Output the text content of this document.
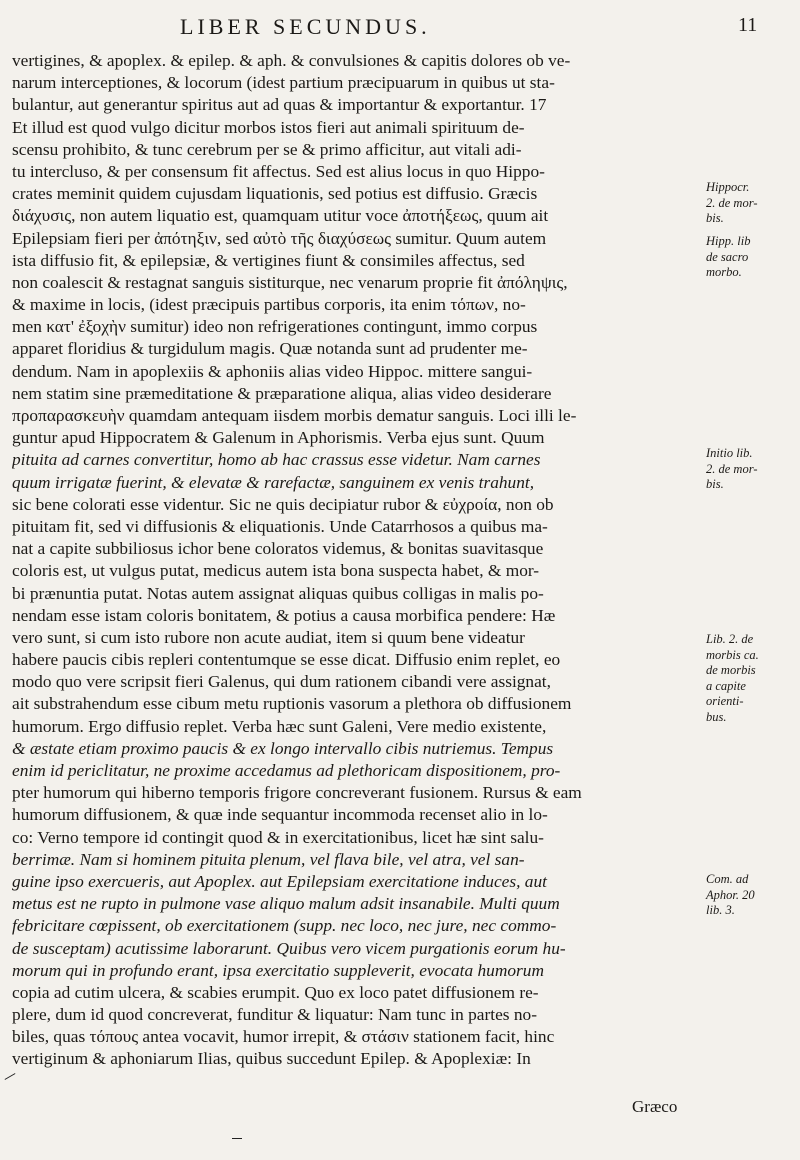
LIBER SECUNDUS.	11
vertigines, & apoplex. & epilep. & aph. & convulsiones & capitis dolores ob ve-
narum interceptiones, & locorum (idest partium præcipuarum in quibus ut sta-
bulantur, aut generantur spiritus aut ad quas & importantur & exportantur. 17
Et illud est quod vulgo dicitur morbos istos fieri aut animali spirituum de-
scensu prohibito, & tunc cerebrum per se & primo afficitur, aut vitali adi-
tu intercluso, & per consensum fit affectus. Sed est alius locus in quo Hippo-
crates meminit quidem cujusdam liquationis, sed potius est diffusio. Græcis
διάχυσις, non autem liquatio est, quamquam utitur voce ἀποτήξεως, quum ait
Epilepsiam fieri per ἀπότηξιν, sed αὐτὸ τῆς διαχύσεως sumitur. Quum autem
ista diffusio fit, & epilepsiæ, & vertigines fiunt & consimiles affectus, sed
non coalescit & restagnat sanguis sistiturque, nec venarum proprie fit ἀπόληψις,
& maxime in locis, (idest præcipuis partibus corporis, ita enim τόπων, no-
men κατ' ἐξοχὴν sumitur) ideo non refrigerationes contingunt, immo corpus
apparet floridius & turgidulum magis. Quæ notanda sunt ad prudenter me-
dendum. Nam in apoplexiis & aphoniis alias video Hippoc. mittere sangui-
nem statim sine præmeditatione & præparatione aliqua, alias video desiderare
προπαρασκευὴν quamdam antequam iisdem morbis dematur sanguis. Loci illi le-
guntur apud Hippocratem & Galenum in Aphorismis. Verba ejus sunt. Quum
pituita ad carnes convertitur, homo ab hac crassus esse videtur. Nam carnes
quum irrigatæ fuerint, & elevatæ & rarefactæ, sanguinem ex venis trahunt,
sic bene colorati esse videntur. Sic ne quis decipiatur rubor & εὐχροία, non ob
pituitam fit, sed vi diffusionis & eliquationis. Unde Catarrhosos a quibus ma-
nat a capite subbiliosus ichor bene coloratos videmus, & bonitas suavitasque
coloris est, ut vulgus putat, medicus autem ista bona suspecta habet, & mor-
bi prænuntia putat. Notas autem assignat aliquas quibus colligas in malis po-
nendam esse istam coloris bonitatem, & potius a causa morbifica pendere: Hæ
vero sunt, si cum isto rubore non acute audiat, item si quum bene videatur
habere paucis cibis repleri contentumque se esse dicat. Diffusio enim replet, eo
modo quo vere scripsit fieri Galenus, qui dum rationem cibandi vere assignat,
ait substrahendum esse cibum metu ruptionis vasorum a plethora ob diffusionem
humorum. Ergo diffusio replet. Verba hæc sunt Galeni, Vere medio existente,
& æstate etiam proximo paucis & ex longo intervallo cibis nutriemus. Tempus
enim id periclitatur, ne proxime accedamus ad plethoricam dispositionem, pro-
pter humorum qui hiberno temporis frigore concreverant fusionem. Rursus & eam
humorum diffusionem, & quæ inde sequantur incommoda recenset alio in lo-
co: Verno tempore id contingit quod & in exercitationibus, licet hæ sint salu-
berrimæ. Nam si hominem pituita plenum, vel flava bile, vel atra, vel san-
guine ipso exercueris, aut Apoplex. aut Epilepsiam exercitatione induces, aut
metus est ne rupto in pulmone vase aliquo malum adsit insanabile. Multi quum
febricitare cœpissent, ob exercitationem (supp. nec loco, nec jure, nec commo-
de susceptam) acutissime laborarunt. Quibus vero vicem purgationis eorum hu-
morum qui in profundo erant, ipsa exercitatio suppleverit, evocata humorum
copia ad cutim ulcera, & scabies erumpit. Quo ex loco patet diffusionem re-
plere, dum id quod concreverat, funditur & liquatur: Nam tunc in partes no-
biles, quas τόπους antea vocavit, humor irrepit, & στάσιν stationem facit, hinc
vertiginum & aphoniarum Ilias, quibus succedunt Epilep. & Apoplexiæ: In
Hippocr.
2. de mor-
bis.
Hipp. lib
de sacro
morbo.
Initio lib.
2. de mor-
bis.
Lib. 2. de
morbis ca.
de morbis
a capite
orienti-
bus.
Com. ad
Aphor. 20
lib. 3.
Græco
